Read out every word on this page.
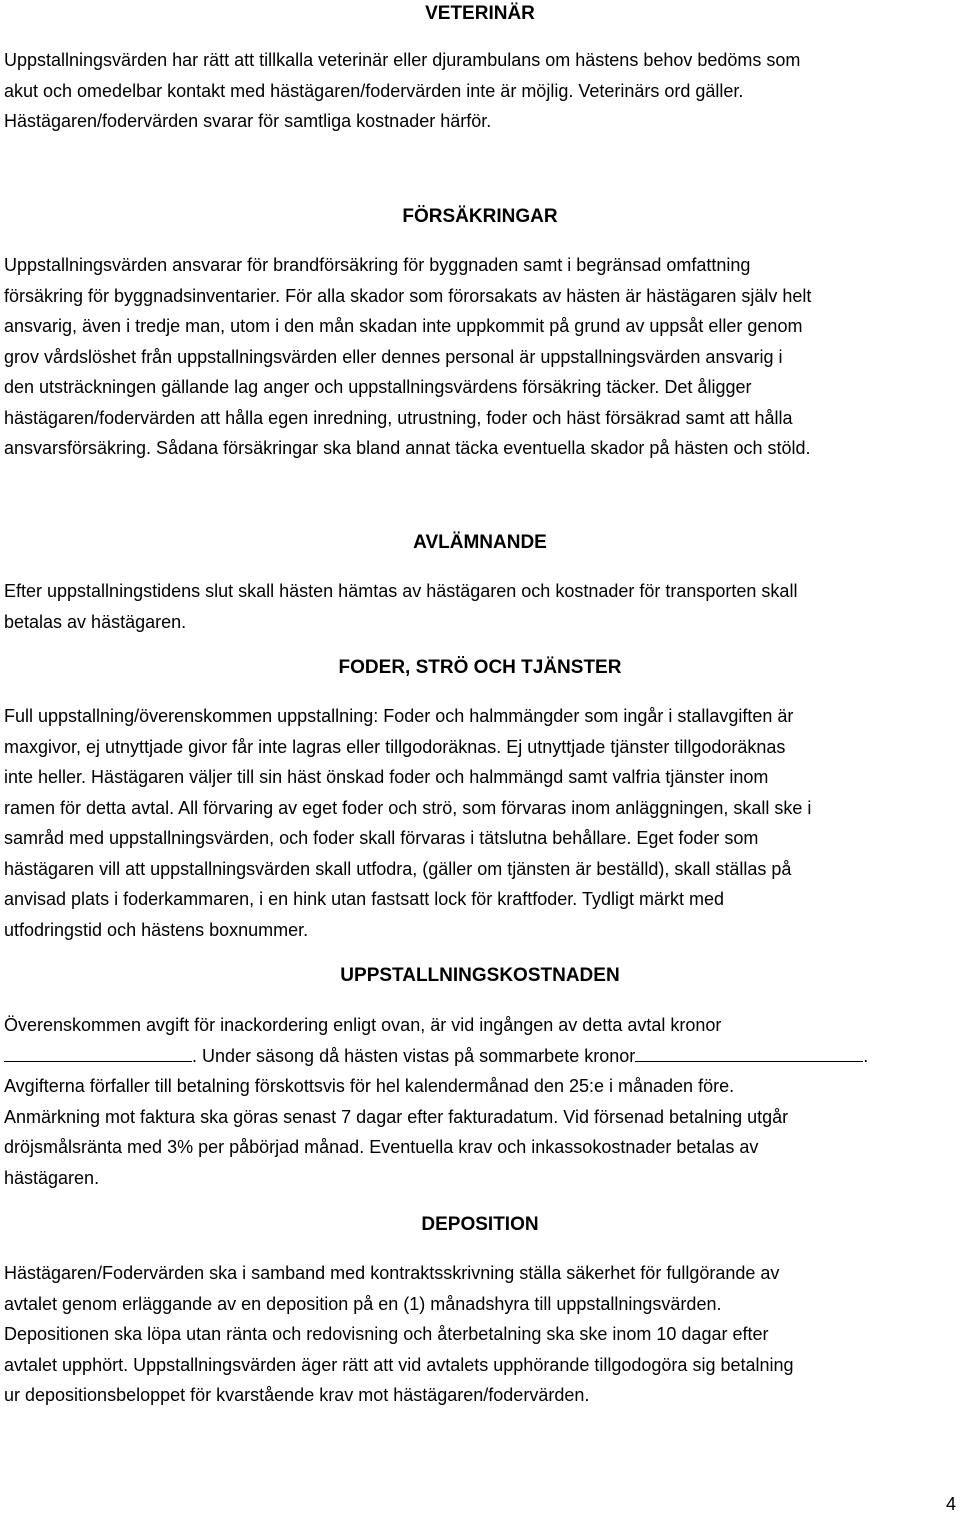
VETERINÄR
Uppstallningsvärden har rätt att tillkalla veterinär eller djurambulans om hästens behov bedöms som
akut och omedelbar kontakt med hästägaren/fodervärden inte är möjlig. Veterinärs ord gäller.
Hästägaren/fodervärden svarar för samtliga kostnader härför.
FÖRSÄKRINGAR
Uppstallningsvärden ansvarar för brandförsäkring för byggnaden samt i begränsad omfattning
försäkring för byggnadsinventarier. För alla skador som förorsakats av hästen är hästägaren själv helt
ansvarig, även i tredje man, utom i den mån skadan inte uppkommit på grund av uppsåt eller genom
grov vårdslöshet från uppstallningsvärden eller dennes personal är uppstallningsvärden ansvarig i
den utsträckningen gällande lag anger och uppstallningsvärdens försäkring täcker. Det åligger
hästägaren/fodervärden att hålla egen inredning, utrustning, foder och häst försäkrad samt att hålla
ansvarsförsäkring. Sådana försäkringar ska bland annat täcka eventuella skador på hästen och stöld.
AVLÄMNANDE
Efter uppstallningstidens slut skall hästen hämtas av hästägaren och kostnader för transporten skall
betalas av hästägaren.
FODER, STRÖ OCH TJÄNSTER
Full uppstallning/överenskommen uppstallning: Foder och halmmängder som ingår i stallavgiften är
maxgivor, ej utnyttjade givor får inte lagras eller tillgodoräknas. Ej utnyttjade tjänster tillgodoräknas
inte heller. Hästägaren väljer till sin häst önskad foder och halmmängd samt valfria tjänster inom
ramen för detta avtal. All förvaring av eget foder och strö, som förvaras inom anläggningen, skall ske i
samråd med uppstallningsvärden, och foder skall förvaras i tätslutna behållare. Eget foder som
hästägaren vill att uppstallningsvärden skall utfodra, (gäller om tjänsten är beställd), skall ställas på
anvisad plats i foderkammaren, i en hink utan fastsatt lock för kraftfoder. Tydligt märkt med
utfodringstid och hästens boxnummer.
UPPSTALLNINGSKOSTNADEN
Överenskommen avgift för inackordering enligt ovan, är vid ingången av detta avtal kronor
. Under säsong då hästen vistas på sommarbete kronor	.
Avgifterna förfaller till betalning förskottsvis för hel kalendermånad den 25:e i månaden före.
Anmärkning mot faktura ska göras senast 7 dagar efter fakturadatum. Vid försenad betalning utgår
dröjsmålsränta med 3% per påbörjad månad. Eventuella krav och inkassokostnader betalas av
hästägaren.
DEPOSITION
Hästägaren/Fodervärden ska i samband med kontraktsskrivning ställa säkerhet för fullgörande av
avtalet genom erläggande av en deposition på en (1) månadshyra till uppstallningsvärden.
Depositionen ska löpa utan ränta och redovisning och återbetalning ska ske inom 10 dagar efter
avtalet upphört. Uppstallningsvärden äger rätt att vid avtalets upphörande tillgodogöra sig betalning
ur depositionsbeloppet för kvarstående krav mot hästägaren/fodervärden.
4
